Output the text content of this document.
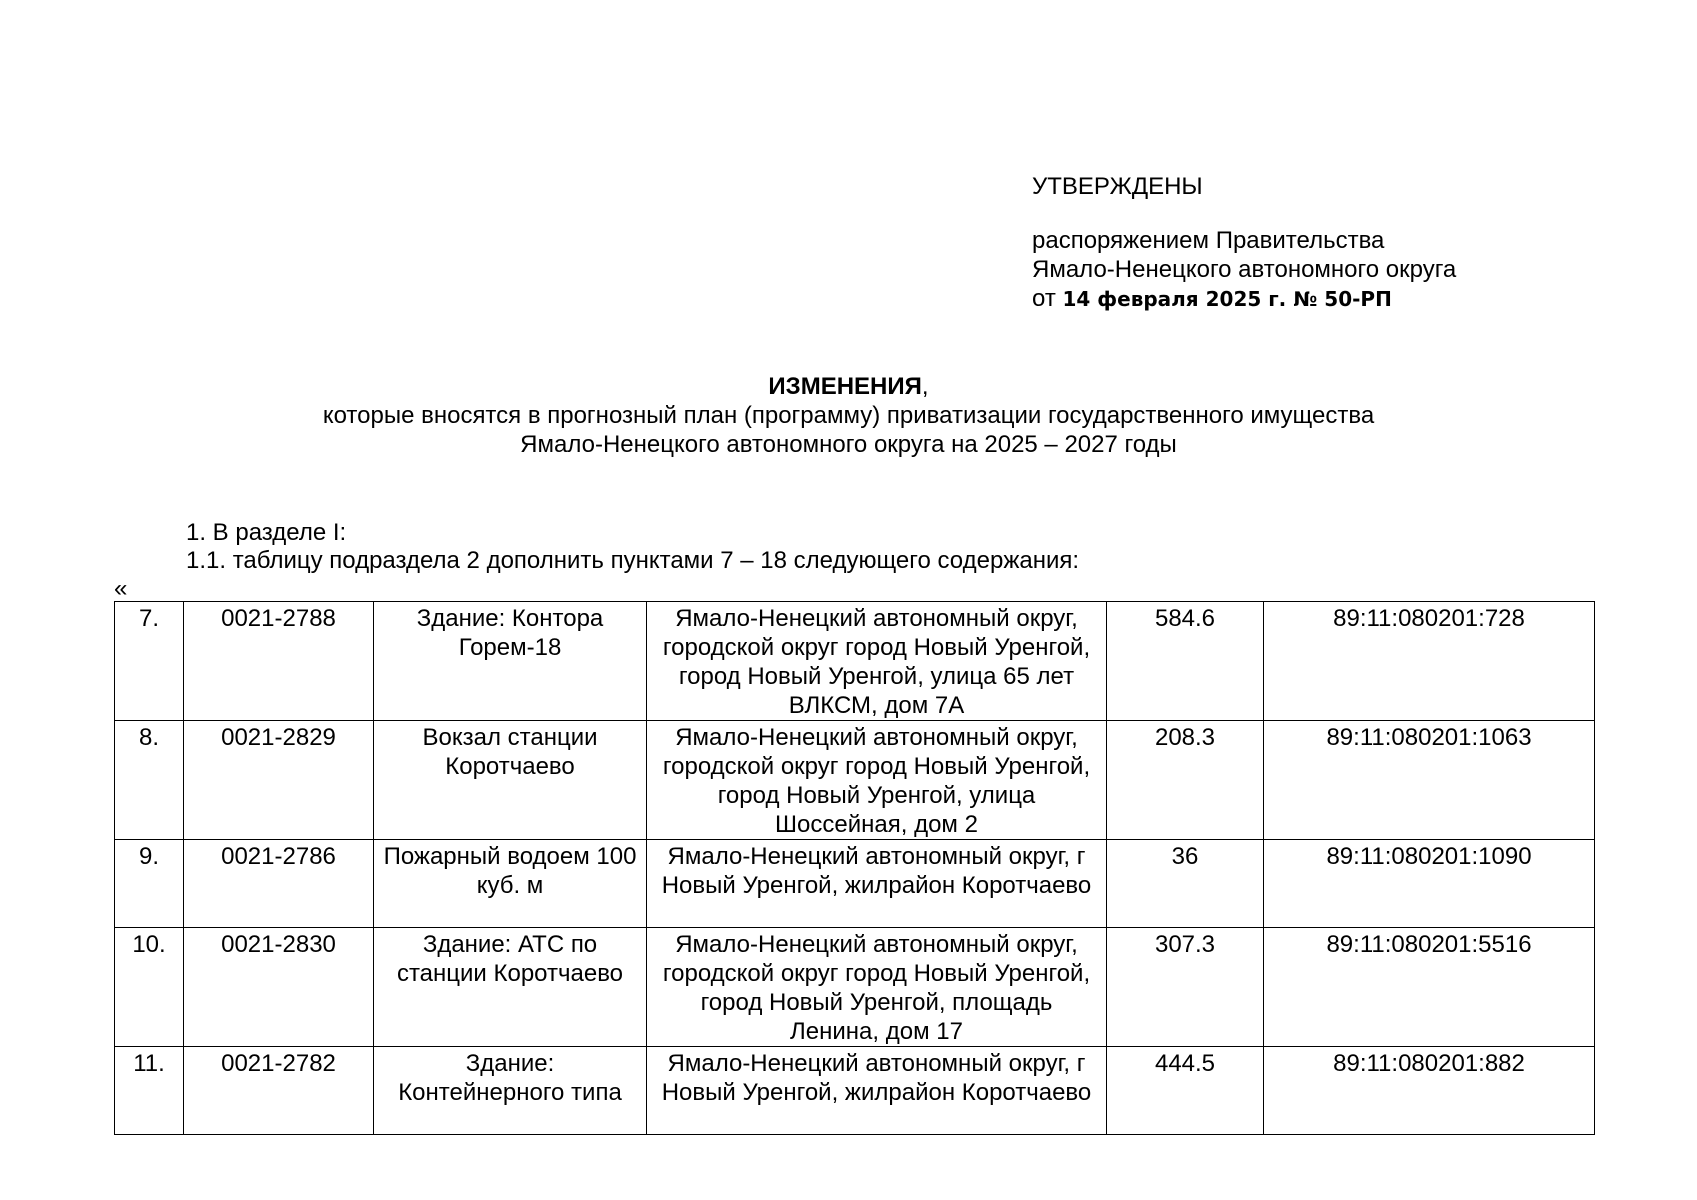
УТВЕРЖДЕНЫ
распоряжением Правительства
Ямало-Ненецкого автономного округа
от 14 февраля 2025 г. № 50-РП
ИЗМЕНЕНИЯ,
которые вносятся в прогнозный план (программу) приватизации государственного имущества
Ямало-Ненецкого автономного округа на 2025 – 2027 годы
1. В разделе I:
1.1. таблицу подраздела 2 дополнить пунктами 7 – 18 следующего содержания:
«
7.	0021-2788	Здание: Контора Горем-18	Ямало-Ненецкий автономный округ, городской округ город Новый Уренгой, город Новый Уренгой, улица 65 лет ВЛКСМ, дом 7А	584.6	89:11:080201:728
8.	0021-2829	Вокзал станции Коротчаево	Ямало-Ненецкий автономный округ, городской округ город Новый Уренгой, город Новый Уренгой, улица Шоссейная, дом 2	208.3	89:11:080201:1063
9.	0021-2786	Пожарный водоем 100 куб. м	Ямало-Ненецкий автономный округ, г Новый Уренгой, жилрайон Коротчаево	36	89:11:080201:1090
10.	0021-2830	Здание: АТС по станции Коротчаево	Ямало-Ненецкий автономный округ, городской округ город Новый Уренгой, город Новый Уренгой, площадь Ленина, дом 17	307.3	89:11:080201:5516
11.	0021-2782	Здание: Контейнерного типа	Ямало-Ненецкий автономный округ, г Новый Уренгой, жилрайон Коротчаево	444.5	89:11:080201:882
